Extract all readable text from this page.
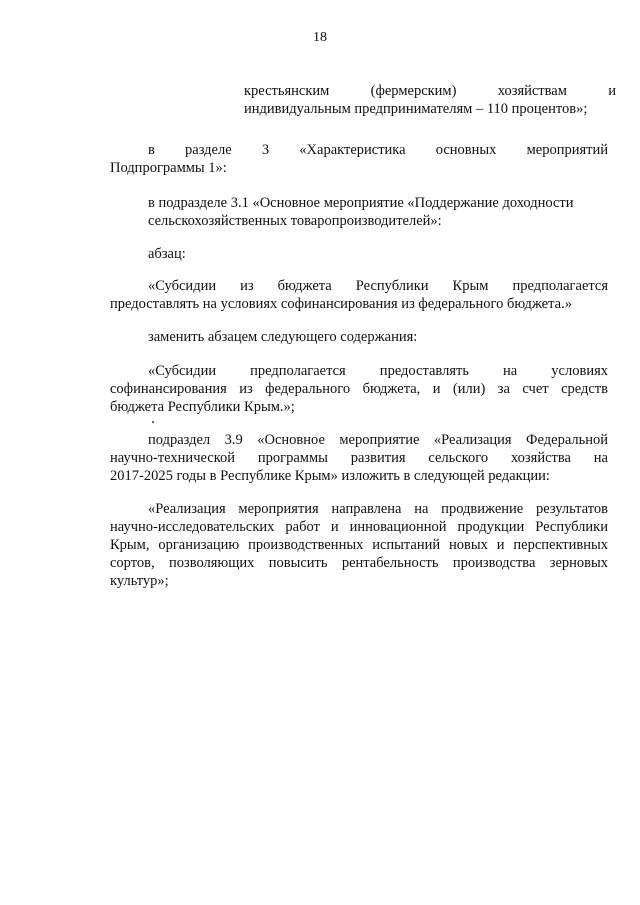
18
крестьянским (фермерским) хозяйствам и
индивидуальным предпринимателям – 110 процентов»;
в разделе 3 «Характеристика основных мероприятий
Подпрограммы 1»:
в подразделе 3.1 «Основное мероприятие «Поддержание доходности
сельскохозяйственных товаропроизводителей»:
абзац:
«Субсидии из бюджета Республики Крым предполагается
предоставлять на условиях софинансирования из федерального бюджета.»
заменить абзацем следующего содержания:
«Субсидии предполагается предоставлять на условиях
софинансирования из федерального бюджета, и (или) за счет средств
бюджета Республики Крым.»;
подраздел 3.9 «Основное мероприятие «Реализация Федеральной
научно-технической программы развития сельского хозяйства на
2017-2025 годы в Республике Крым» изложить в следующей редакции:
«Реализация мероприятия направлена на продвижение результатов
научно-исследовательских работ и инновационной продукции Республики
Крым, организацию производственных испытаний новых и перспективных
сортов, позволяющих повысить рентабельность производства зерновых
культур»;
